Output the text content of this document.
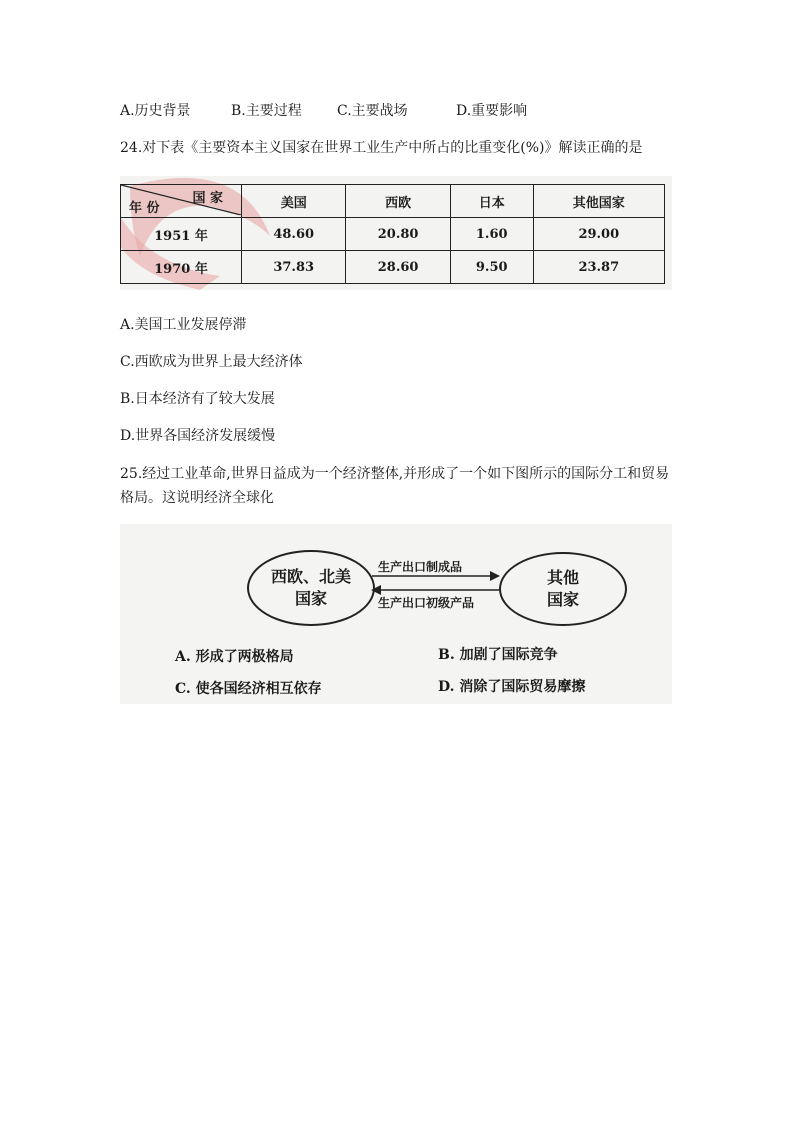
A.历史背景	B.主要过程	C.主要战场	D.重要影响
24.对下表《主要资本主义国家在世界工业生产中所占的比重变化(%)》解读正确的是
国 家
年 份	美国	西欧	日本	其他国家
1951 年	48.60	20.80	1.60	29.00
1970 年	37.83	28.60	9.50	23.87
A.美国工业发展停滞
C.西欧成为世界上最大经济体
B.日本经济有了较大发展
D.世界各国经济发展缓慢
25.经过工业革命,世界日益成为一个经济整体,并形成了一个如下图所示的国际分工和贸易
格局。这说明经济全球化
西欧、北美
国家
其他
国家
生产出口制成品
生产出口初级产品
A. 形成了两极格局	B. 加剧了国际竞争
C. 使各国经济相互依存	D. 消除了国际贸易摩擦
